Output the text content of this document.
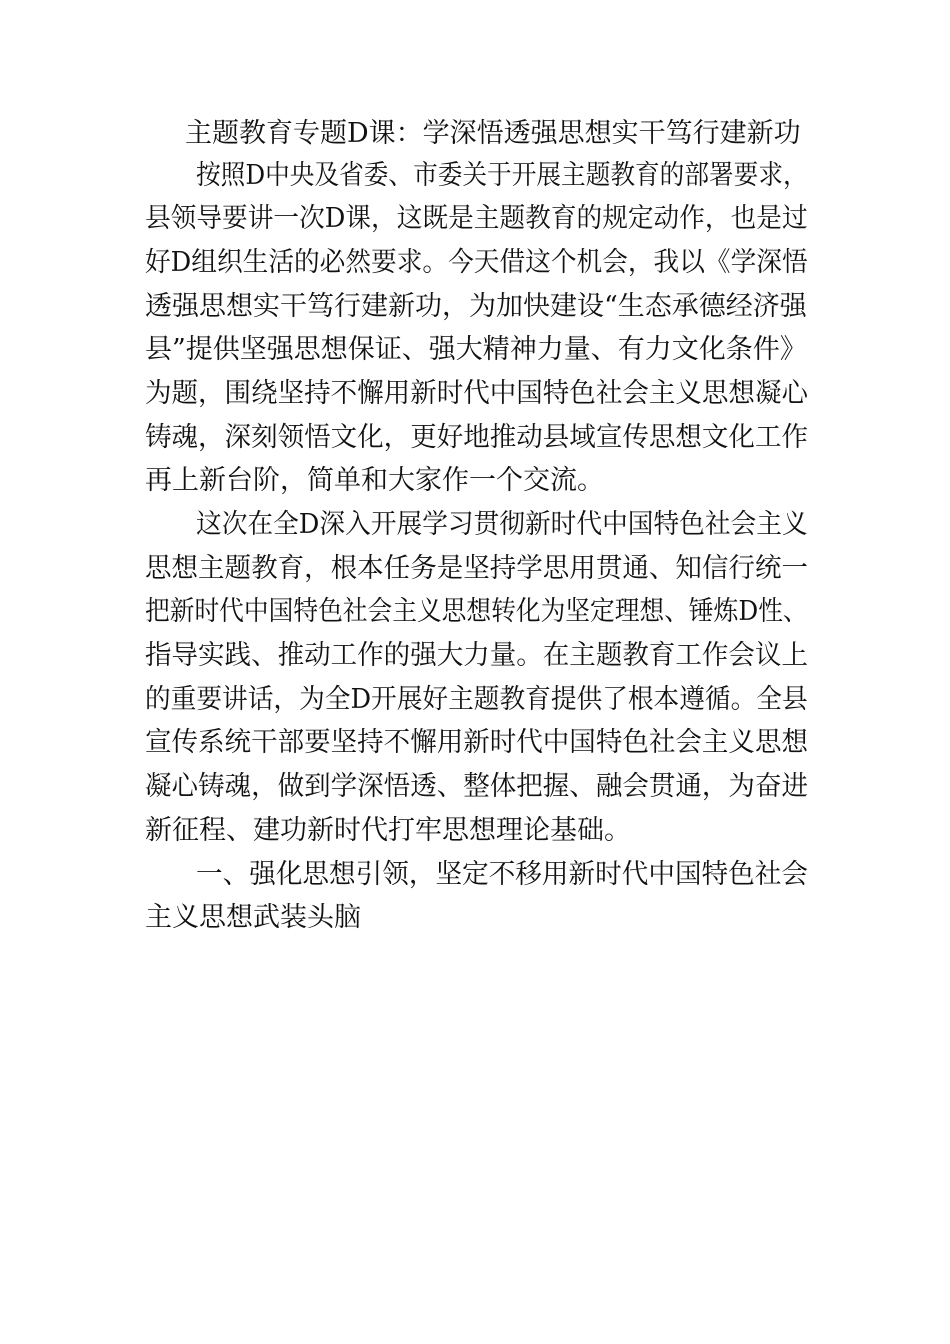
主题教育专题D课：学深悟透强思想实干笃行建新功
按照D中央及省委、市委关于开展主题教育的部署要求，
县领导要讲一次D课，这既是主题教育的规定动作，也是过
好D组织生活的必然要求。今天借这个机会，我以《学深悟
透强思想实干笃行建新功，为加快建设“生态承德经济强
县”提供坚强思想保证、强大精神力量、有力文化条件》
为题，围绕坚持不懈用新时代中国特色社会主义思想凝心
铸魂，深刻领悟文化，更好地推动县域宣传思想文化工作
再上新台阶，简单和大家作一个交流。
这次在全D深入开展学习贯彻新时代中国特色社会主义
思想主题教育，根本任务是坚持学思用贯通、知信行统一
把新时代中国特色社会主义思想转化为坚定理想、锤炼D性、
指导实践、推动工作的强大力量。在主题教育工作会议上
的重要讲话，为全D开展好主题教育提供了根本遵循。全县
宣传系统干部要坚持不懈用新时代中国特色社会主义思想
凝心铸魂，做到学深悟透、整体把握、融会贯通，为奋进
新征程、建功新时代打牢思想理论基础。
一、强化思想引领，坚定不移用新时代中国特色社会
主义思想武装头脑
